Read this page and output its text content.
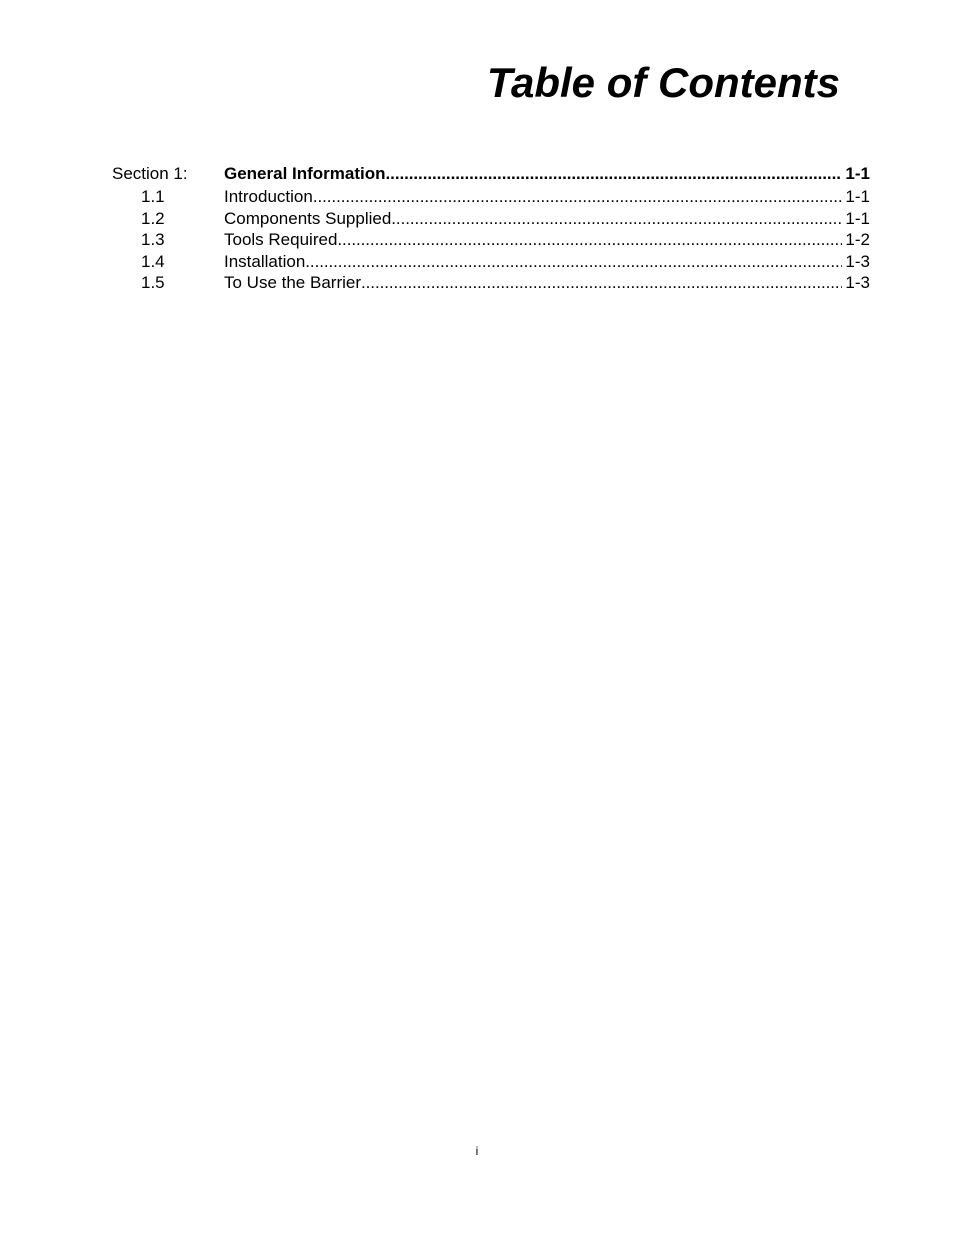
Table of Contents
Section 1:	General Information . . .	1-1
1.1	Introduction . . .	1-1
1.2	Components Supplied . . .	1-1
1.3	Tools Required . . .	1-2
1.4	Installation . . .	1-3
1.5	To Use the Barrier . . .	1-3
i
